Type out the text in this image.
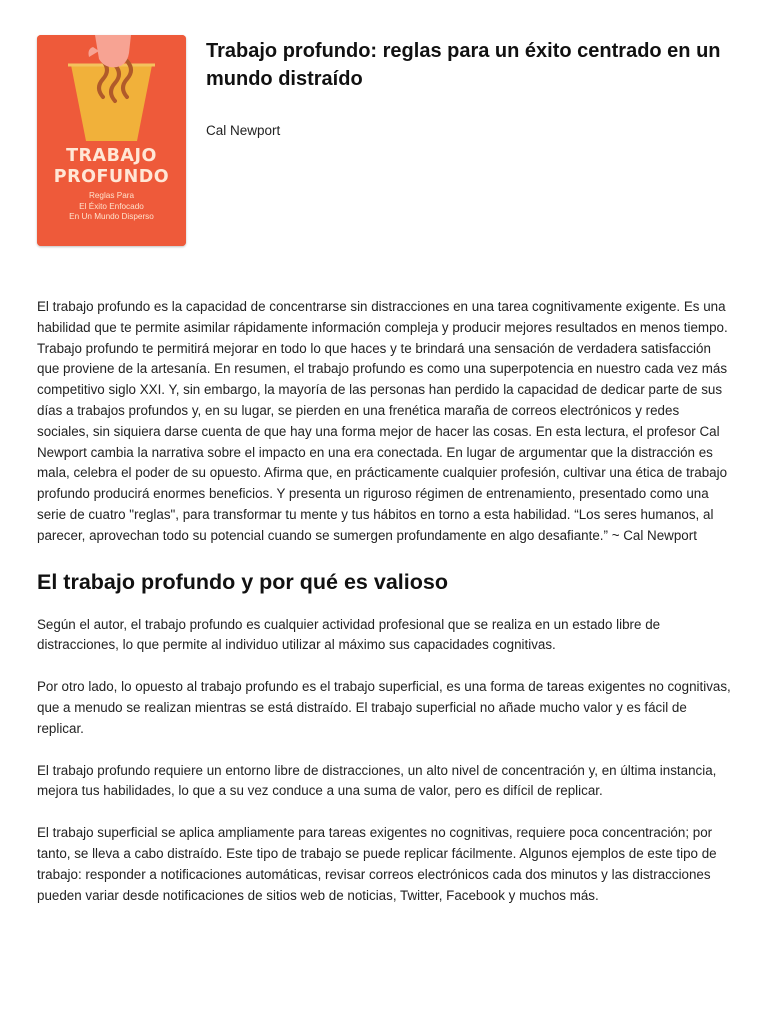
TRABAJO
PROFUNDO
Reglas Para
El Éxito Enfocado
En Un Mundo Disperso
Trabajo profundo: reglas para un éxito centrado en un mundo distraído
Cal Newport

El trabajo profundo es la capacidad de concentrarse sin distracciones en una tarea cognitivamente exigente. Es una habilidad que te permite asimilar rápidamente información compleja y producir mejores resultados en menos tiempo. Trabajo profundo te permitirá mejorar en todo lo que haces y te brindará una sensación de verdadera satisfacción que proviene de la artesanía. En resumen, el trabajo profundo es como una superpotencia en nuestro cada vez más competitivo siglo XXI. Y, sin embargo, la mayoría de las personas han perdido la capacidad de dedicar parte de sus días a trabajos profundos y, en su lugar, se pierden en una frenética maraña de correos electrónicos y redes sociales, sin siquiera darse cuenta de que hay una forma mejor de hacer las cosas. En esta lectura, el profesor Cal Newport cambia la narrativa sobre el impacto en una era conectada. En lugar de argumentar que la distracción es mala, celebra el poder de su opuesto. Afirma que, en prácticamente cualquier profesión, cultivar una ética de trabajo profundo producirá enormes beneficios. Y presenta un riguroso régimen de entrenamiento, presentado como una serie de cuatro "reglas", para transformar tu mente y tus hábitos en torno a esta habilidad. “Los seres humanos, al parecer, aprovechan todo su potencial cuando se sumergen profundamente en algo desafiante.” ~ Cal Newport

El trabajo profundo y por qué es valioso

Según el autor, el trabajo profundo es cualquier actividad profesional que se realiza en un estado libre de distracciones, lo que permite al individuo utilizar al máximo sus capacidades cognitivas.

Por otro lado, lo opuesto al trabajo profundo es el trabajo superficial, es una forma de tareas exigentes no cognitivas, que a menudo se realizan mientras se está distraído. El trabajo superficial no añade mucho valor y es fácil de replicar.

El trabajo profundo requiere un entorno libre de distracciones, un alto nivel de concentración y, en última instancia, mejora tus habilidades, lo que a su vez conduce a una suma de valor, pero es difícil de replicar.

El trabajo superficial se aplica ampliamente para tareas exigentes no cognitivas, requiere poca concentración; por tanto, se lleva a cabo distraído. Este tipo de trabajo se puede replicar fácilmente. Algunos ejemplos de este tipo de trabajo: responder a notificaciones automáticas, revisar correos electrónicos cada dos minutos y las distracciones pueden variar desde notificaciones de sitios web de noticias, Twitter, Facebook y muchos más.
